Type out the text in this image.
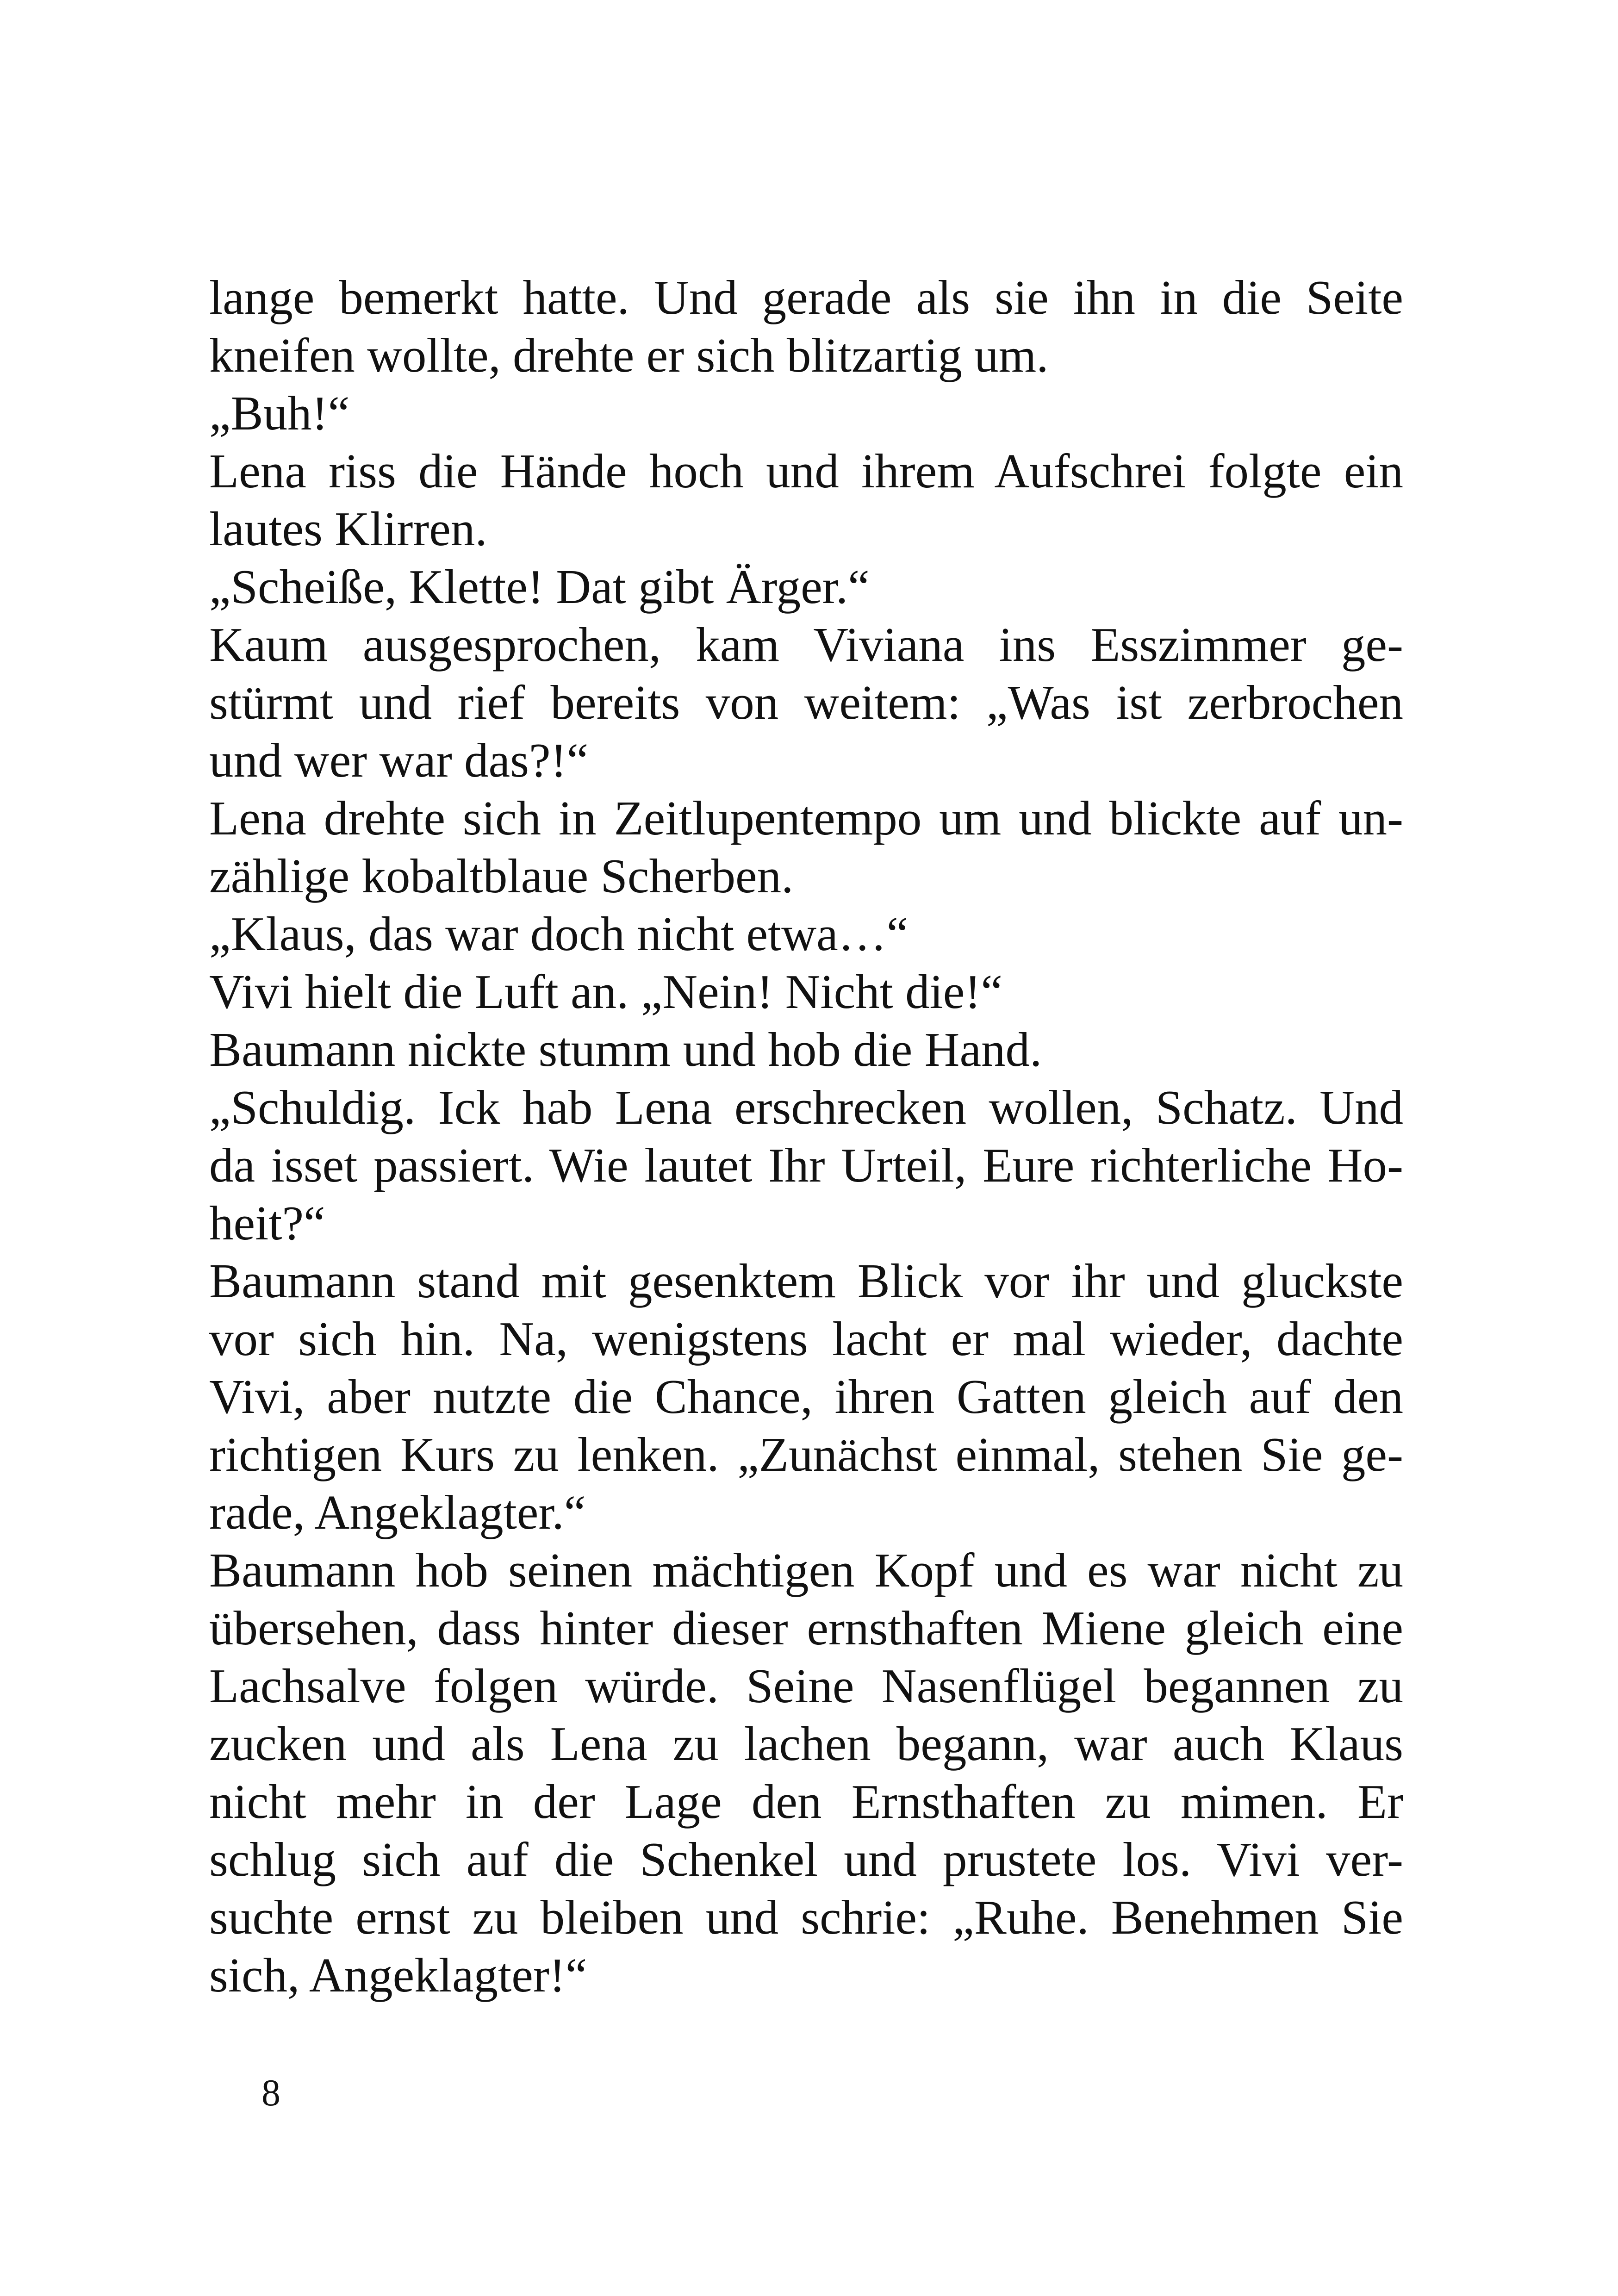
lange bemerkt hatte. Und gerade als sie ihn in die Seite
kneifen wollte, drehte er sich blitzartig um.
„Buh!“
Lena riss die Hände hoch und ihrem Aufschrei folgte ein
lautes Klirren.
„Scheiße, Klette! Dat gibt Ärger.“
Kaum ausgesprochen, kam Viviana ins Esszimmer ge-
stürmt und rief bereits von weitem: „Was ist zerbrochen
und wer war das?!“
Lena drehte sich in Zeitlupentempo um und blickte auf un-
zählige kobaltblaue Scherben.
„Klaus, das war doch nicht etwa…“
Vivi hielt die Luft an. „Nein! Nicht die!“
Baumann nickte stumm und hob die Hand.
„Schuldig. Ick hab Lena erschrecken wollen, Schatz. Und
da isset passiert. Wie lautet Ihr Urteil, Eure richterliche Ho-
heit?“
Baumann stand mit gesenktem Blick vor ihr und gluckste
vor sich hin. Na, wenigstens lacht er mal wieder, dachte
Vivi, aber nutzte die Chance, ihren Gatten gleich auf den
richtigen Kurs zu lenken. „Zunächst einmal, stehen Sie ge-
rade, Angeklagter.“
Baumann hob seinen mächtigen Kopf und es war nicht zu
übersehen, dass hinter dieser ernsthaften Miene gleich eine
Lachsalve folgen würde. Seine Nasenflügel begannen zu
zucken und als Lena zu lachen begann, war auch Klaus
nicht mehr in der Lage den Ernsthaften zu mimen. Er
schlug sich auf die Schenkel und prustete los. Vivi ver-
suchte ernst zu bleiben und schrie: „Ruhe. Benehmen Sie
sich, Angeklagter!“
8
